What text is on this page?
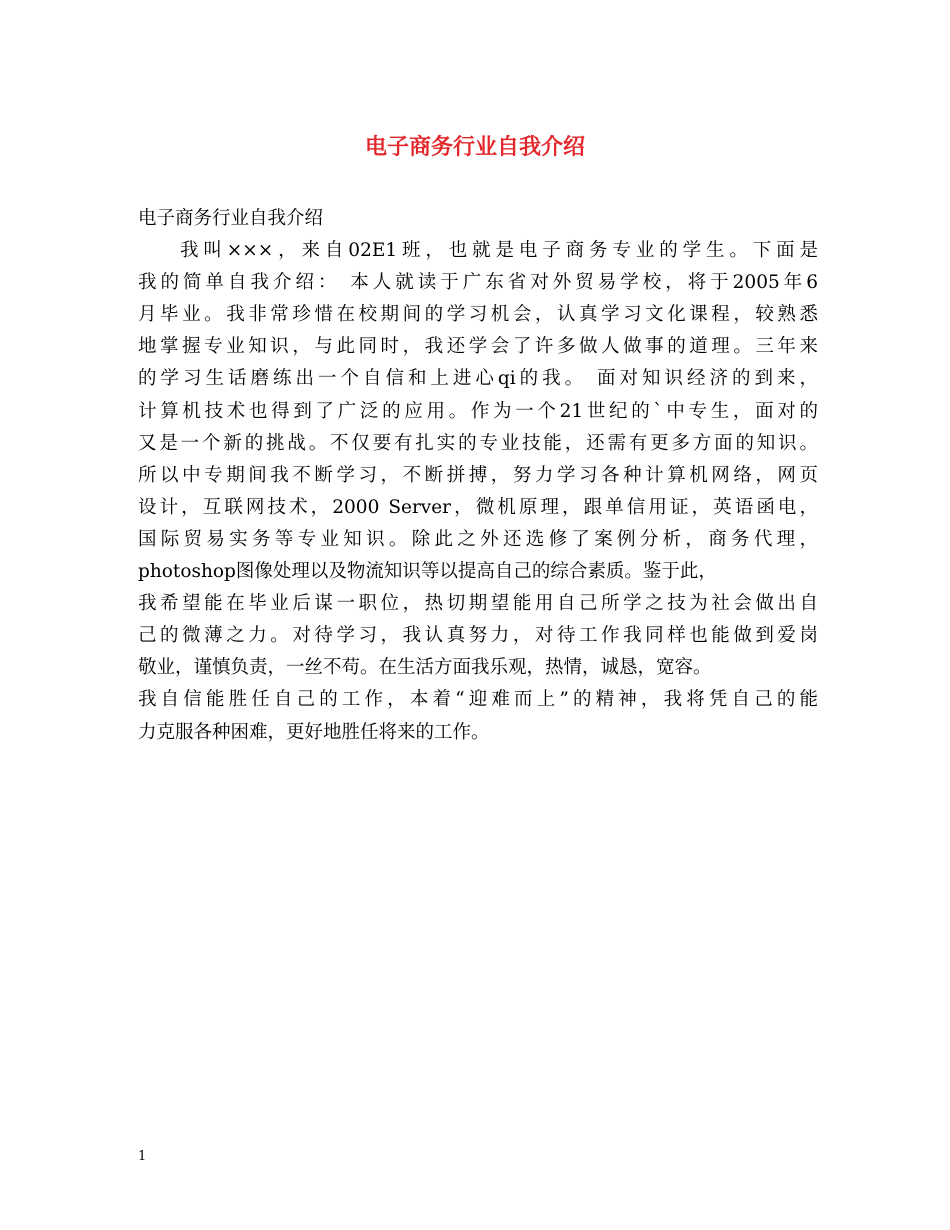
电子商务行业自我介绍
电子商务行业自我介绍
我叫×××，来自02E1班，也就是电子商务专业的学生。下面是
我的简单自我介绍： 本人就读于广东省对外贸易学校，将于2005年6
月毕业。我非常珍惜在校期间的学习机会，认真学习文化课程，较熟悉
地掌握专业知识，与此同时，我还学会了许多做人做事的道理。三年来
的学习生话磨练出一个自信和上进心qi的我。 面对知识经济的到来，
计算机技术也得到了广泛的应用。作为一个21世纪的`中专生，面对的
又是一个新的挑战。不仅要有扎实的专业技能，还需有更多方面的知识。
所以中专期间我不断学习，不断拼搏，努力学习各种计算机网络，网页
设计，互联网技术，2000 Server，微机原理，跟单信用证，英语函电，
国际贸易实务等专业知识。除此之外还选修了案例分析，商务代理，
photoshop图像处理以及物流知识等以提高自己的综合素质。鉴于此，
我希望能在毕业后谋一职位，热切期望能用自己所学之技为社会做出自
己的微薄之力。对待学习，我认真努力，对待工作我同样也能做到爱岗
敬业，谨慎负责，一丝不苟。在生活方面我乐观，热情，诚恳，宽容。
我自信能胜任自己的工作，本着“迎难而上”的精神，我将凭自己的能
力克服各种困难，更好地胜任将来的工作。
1
